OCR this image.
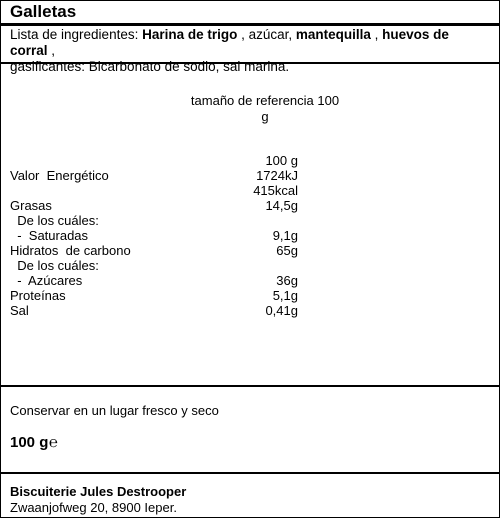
Galletas
Lista de ingredientes: Harina de trigo , azúcar, mantequilla , huevos de corral ,
gasificantes: Bicarbonato de sodio, sal marina.
tamaño de referencia 100
g
100 g
Valor  Energético	1724kJ
415kcal
Grasas	14,5g
De los cuáles:
-  Saturadas	9,1g
Hidratos  de carbono	65g
De los cuáles:
-  Azúcares	36g
Proteínas	5,1g
Sal	0,41g
Conservar en un lugar fresco y seco
100 g ℮
Biscuiterie Jules Destrooper
Zwaanjofweg 20, 8900 Ieper.
